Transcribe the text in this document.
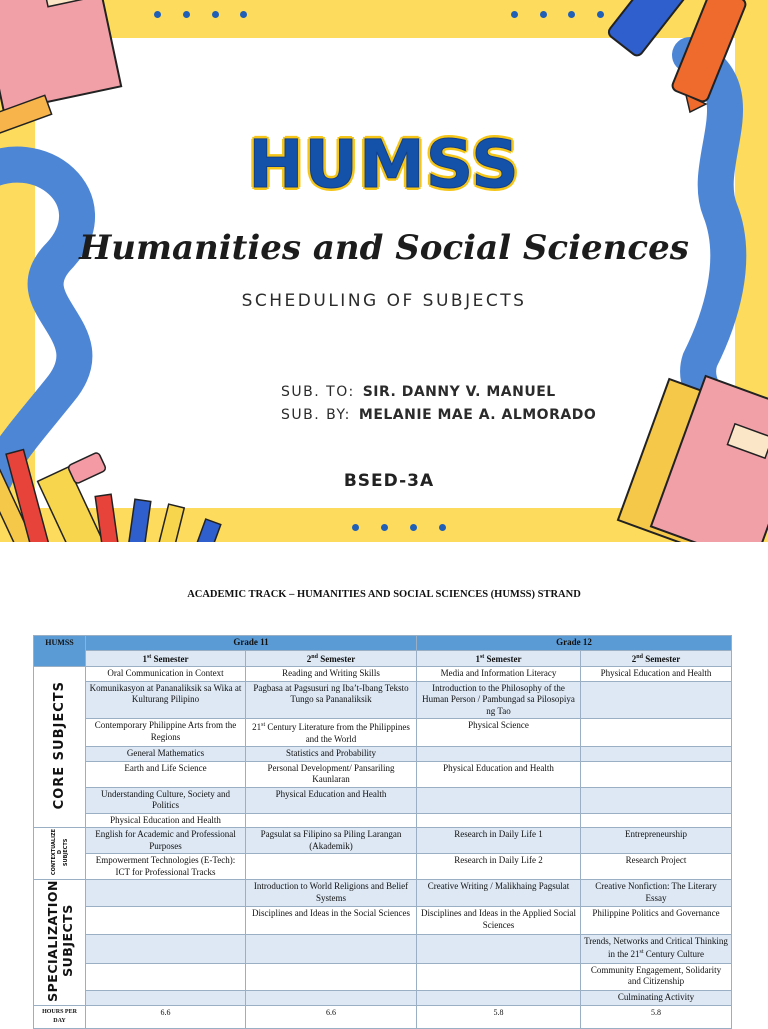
HUMSS
Humanities and Social Sciences
SCHEDULING OF SUBJECTS
SUB. TO: SIR. DANNY V. MANUEL
SUB. BY: MELANIE MAE A. ALMORADO
BSED-3A
ACADEMIC TRACK – HUMANITIES AND SOCIAL SCIENCES (HUMSS) STRAND
HUMSS	Grade 11		Grade 12	
	1st Semester	2nd Semester	1st Semester	2nd Semester
CORE SUBJECTS	Oral Communication in Context	Reading and Writing Skills	Media and Information Literacy	Physical Education and Health
	Komunikasyon at Pananaliksik sa Wika at Kulturang Pilipino	Pagbasa at Pagsusuri ng Iba’t-Ibang Teksto Tungo sa Pananaliksik	Introduction to the Philosophy of the Human Person / Pambungad sa Pilosopiya ng Tao	
	Contemporary Philippine Arts from the Regions	21st Century Literature from the Philippines and the World	Physical Science	
	General Mathematics	Statistics and Probability		
	Earth and Life Science	Personal Development/ Pansariling Kaunlaran	Physical Education and Health	
	Understanding Culture, Society and Politics	Physical Education and Health		
	Physical Education and Health			
CONTEXTUALIZE
D
SUBJECTS	English for Academic and Professional Purposes	Pagsulat sa Filipino sa Piling Larangan (Akademik)	Research in Daily Life 1	Entrepreneurship
	Empowerment Technologies (E-Tech): ICT for Professional Tracks		Research in Daily Life 2	Research Project
SPECIALIZATION
SUBJECTS		Introduction to World Religions and Belief Systems	Creative Writing / Malikhaing Pagsulat	Creative Nonfiction: The Literary Essay
		Disciplines and Ideas in the Social Sciences	Disciplines and Ideas in the Applied Social Sciences	Philippine Politics and Governance
				Trends, Networks and Critical Thinking in the 21st Century Culture
				Community Engagement, Solidarity and Citizenship
				Culminating Activity
HOURS PER DAY	6.6	6.6	5.8	5.8
